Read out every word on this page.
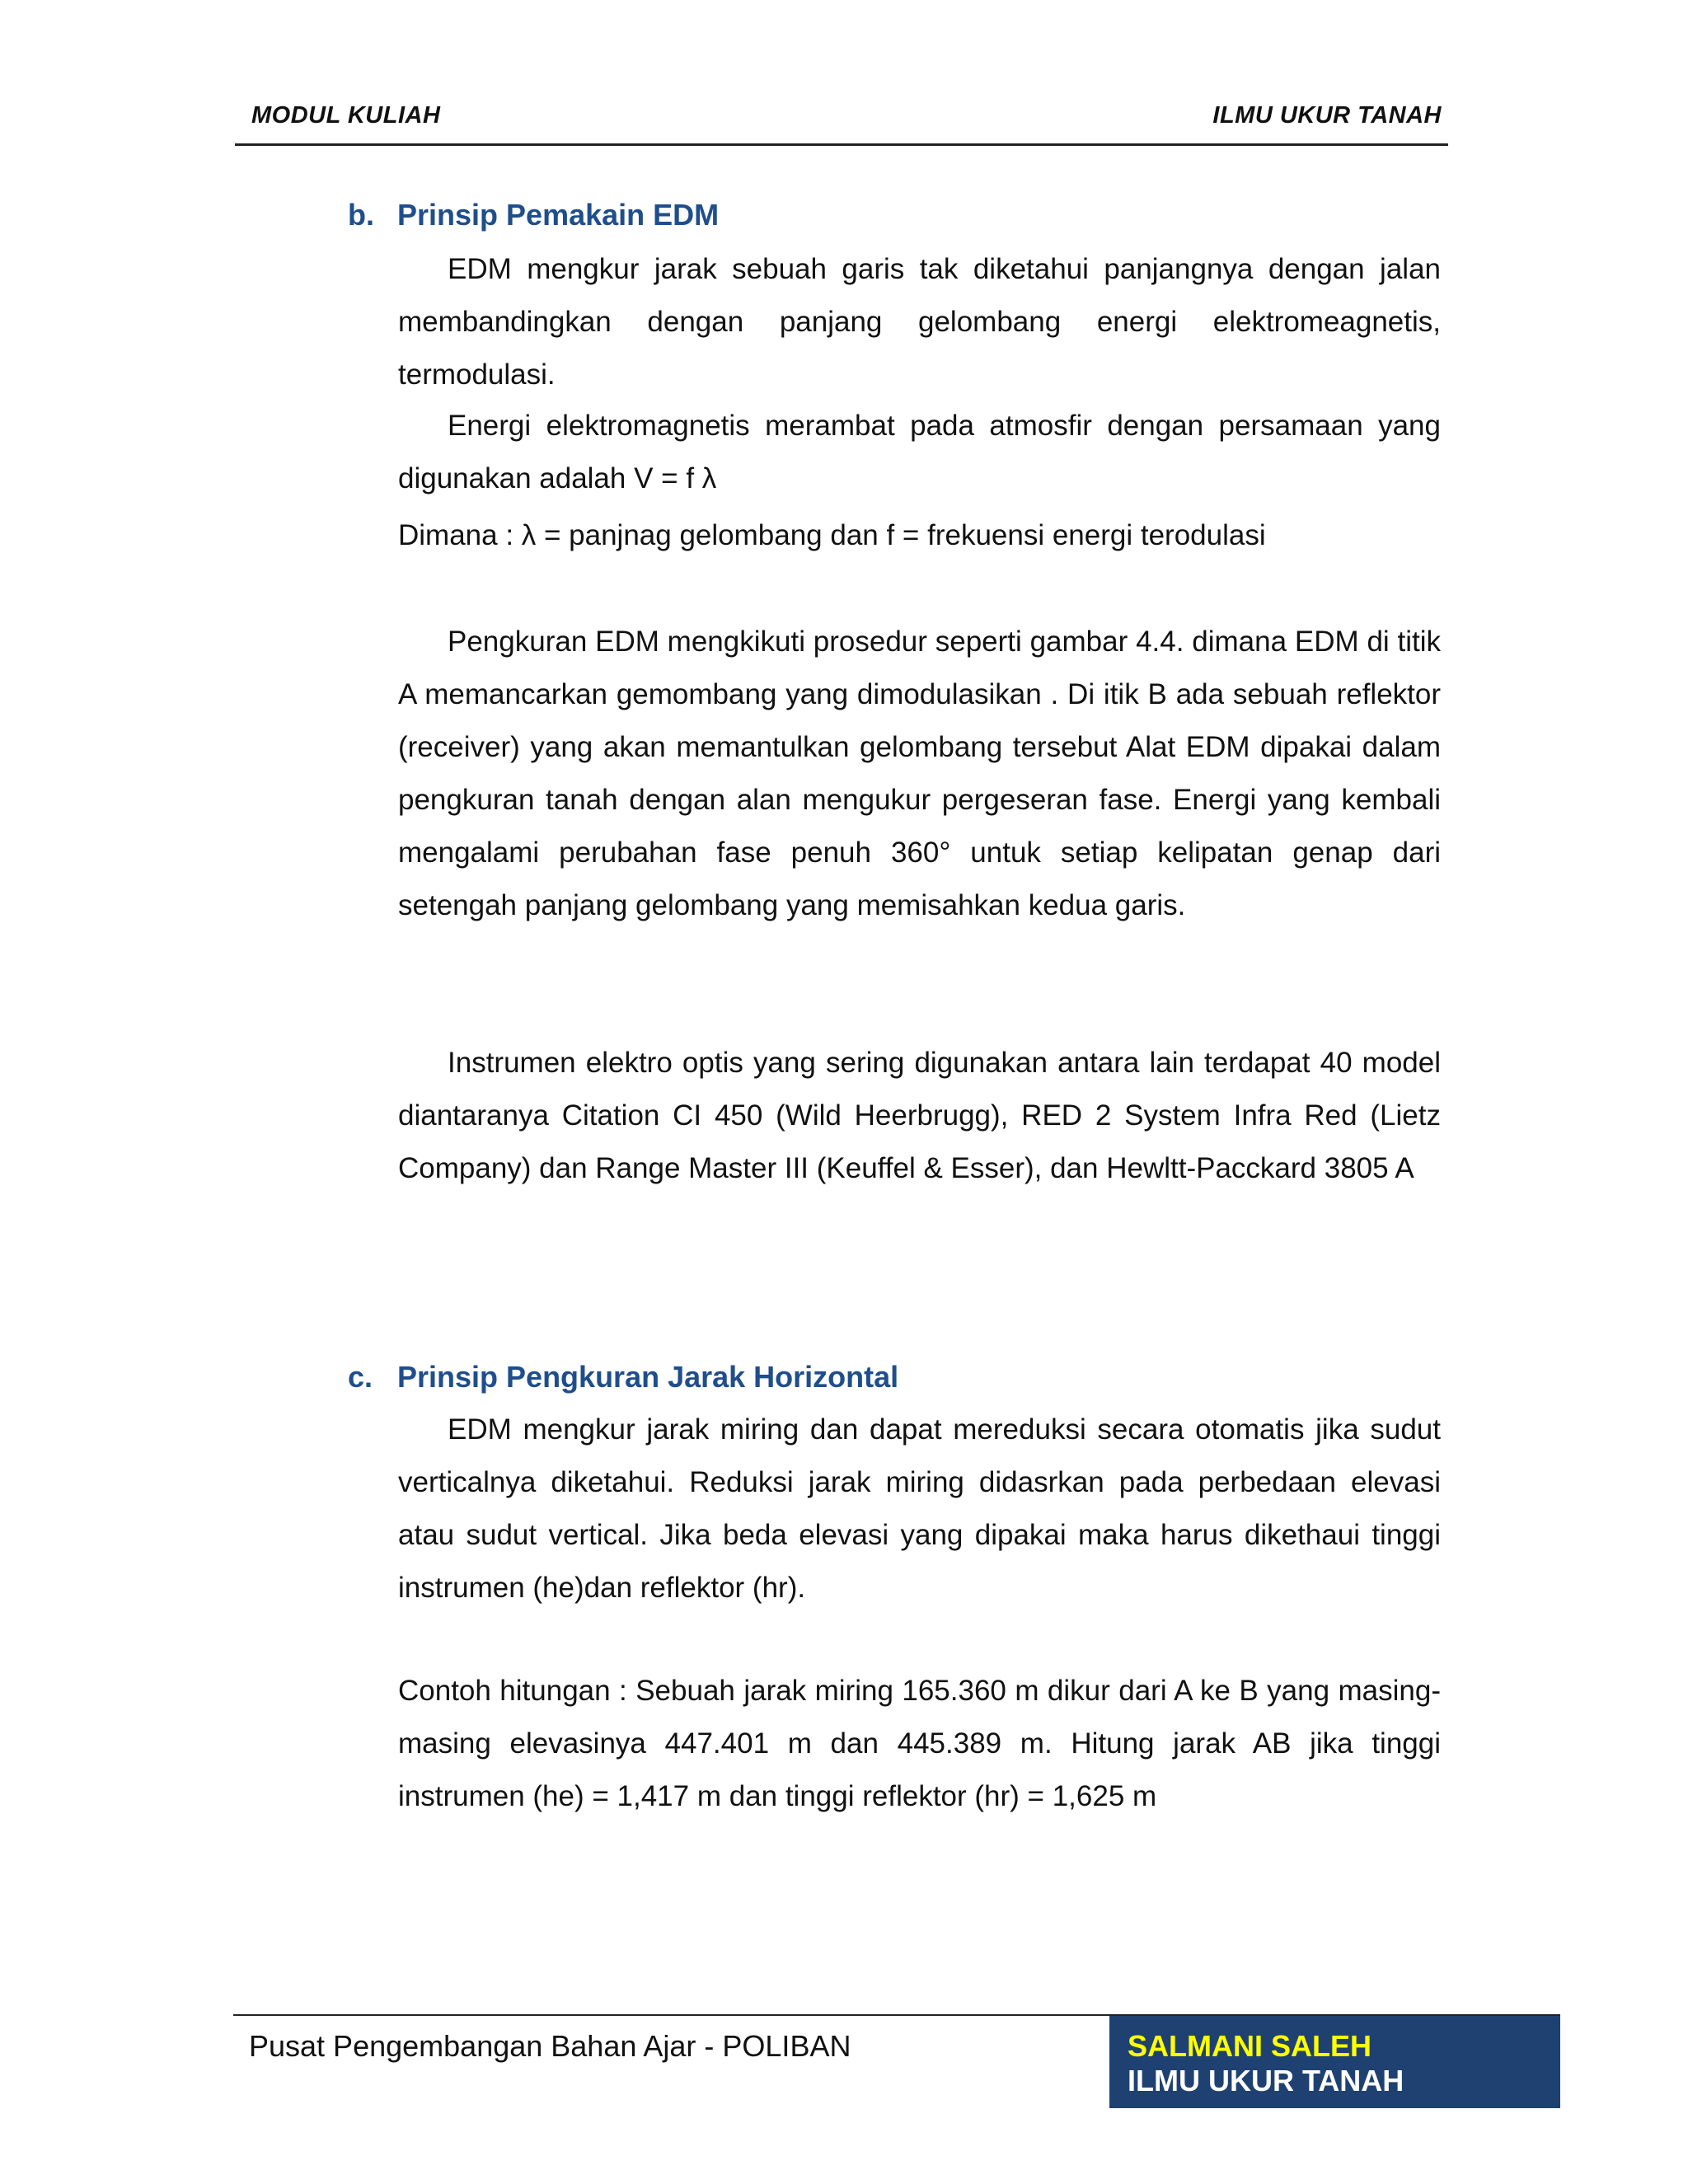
MODUL KULIAH	ILMU UKUR TANAH
b. Prinsip Pemakain EDM

EDM mengkur jarak sebuah garis tak diketahui panjangnya dengan jalan membandingkan dengan panjang gelombang energi elektromeagnetis, termodulasi.

Energi elektromagnetis merambat pada atmosfir dengan persamaan yang digunakan adalah V = f λ

Dimana : λ = panjnag gelombang dan f = frekuensi energi terodulasi

Pengkuran EDM mengkikuti prosedur seperti gambar 4.4. dimana EDM di titik A memancarkan gemombang yang dimodulasikan . Di itik B ada sebuah reflektor (receiver) yang akan memantulkan gelombang tersebut Alat EDM dipakai dalam pengkuran tanah dengan alan mengukur pergeseran fase. Energi yang kembali mengalami perubahan fase penuh 360° untuk setiap kelipatan genap dari setengah panjang gelombang yang memisahkan kedua garis.

Instrumen elektro optis yang sering digunakan antara lain terdapat 40 model diantaranya Citation CI 450 (Wild Heerbrugg), RED 2 System Infra Red (Lietz Company) dan Range Master III (Keuffel & Esser), dan Hewltt-Pacckard 3805 A

c. Prinsip Pengkuran Jarak Horizontal

EDM mengkur jarak miring dan dapat mereduksi secara otomatis jika sudut verticalnya diketahui. Reduksi jarak miring didasrkan pada perbedaan elevasi atau sudut vertical. Jika beda elevasi yang dipakai maka harus dikethaui tinggi instrumen (he)dan reflektor (hr).

Contoh hitungan : Sebuah jarak miring 165.360 m dikur dari A ke B yang masing-masing elevasinya 447.401 m dan 445.389 m. Hitung jarak AB jika tinggi instrumen (he) = 1,417 m dan tinggi reflektor (hr) = 1,625 m

Pusat Pengembangan Bahan Ajar - POLIBAN	SALMANI SALEH
ILMU UKUR TANAH
